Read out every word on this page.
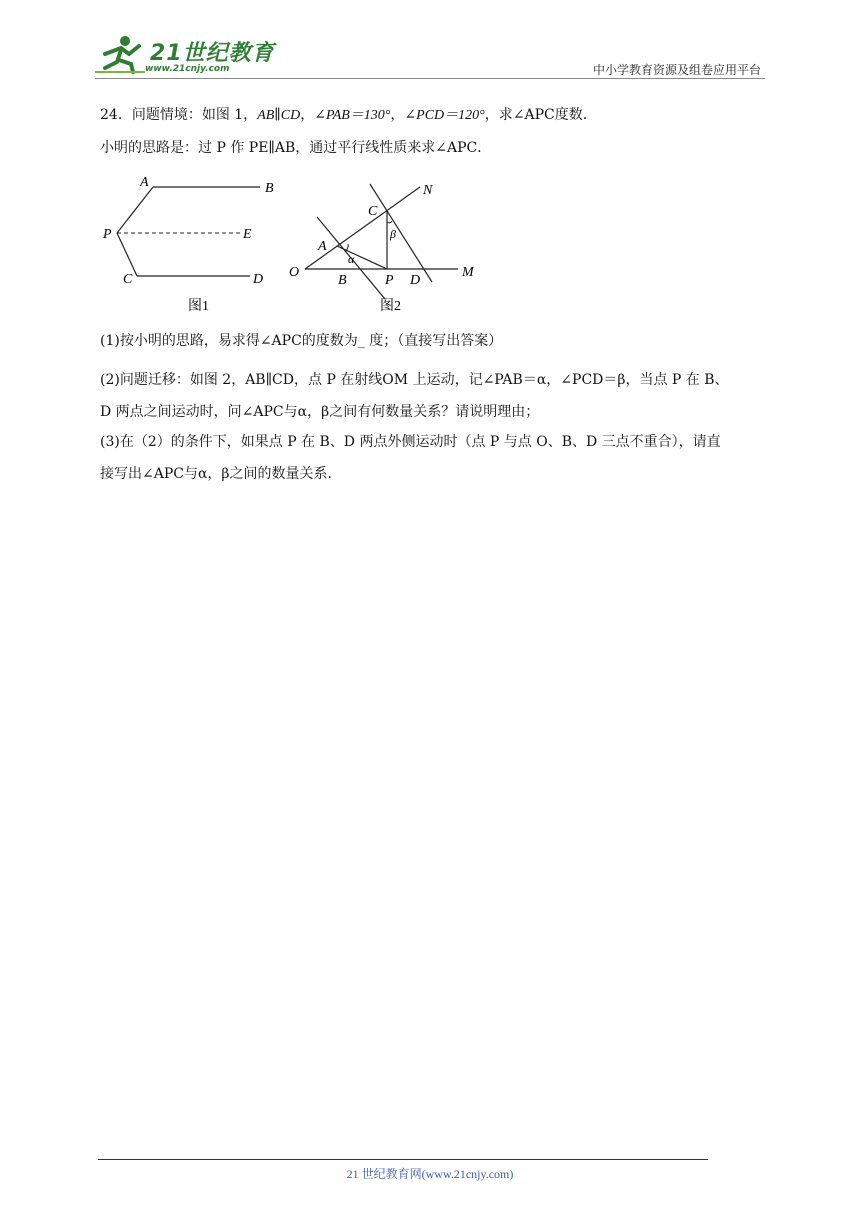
21世纪教育
www.21cnjy.com	中小学教育资源及组卷应用平台

24．问题情境：如图 1，AB∥CD，∠PAB＝130°，∠PCD＝120°，求∠APC度数．

小明的思路是：过 P 作 PE∥AB，通过平行线性质来求∠APC．

(1)按小明的思路，易求得∠APC的度数为_ 度；（直接写出答案）

(2)问题迁移：如图 2，AB∥CD，点 P 在射线OM 上运动，记∠PAB＝α，∠PCD＝β，当点 P 在 B、
D 两点之间运动时，问∠APC与α，β之间有何数量关系？请说明理由；
(3)在（2）的条件下，如果点 P 在 B、D 两点外侧运动时（点 P 与点 O、B、D 三点不重合），请直
接写出∠APC与α，β之间的数量关系．
A	B
P	E
C	D
图1
N
C
A
O
B	P D
M
α
β
图2
21 世纪教育网(www.21cnjy.com)
